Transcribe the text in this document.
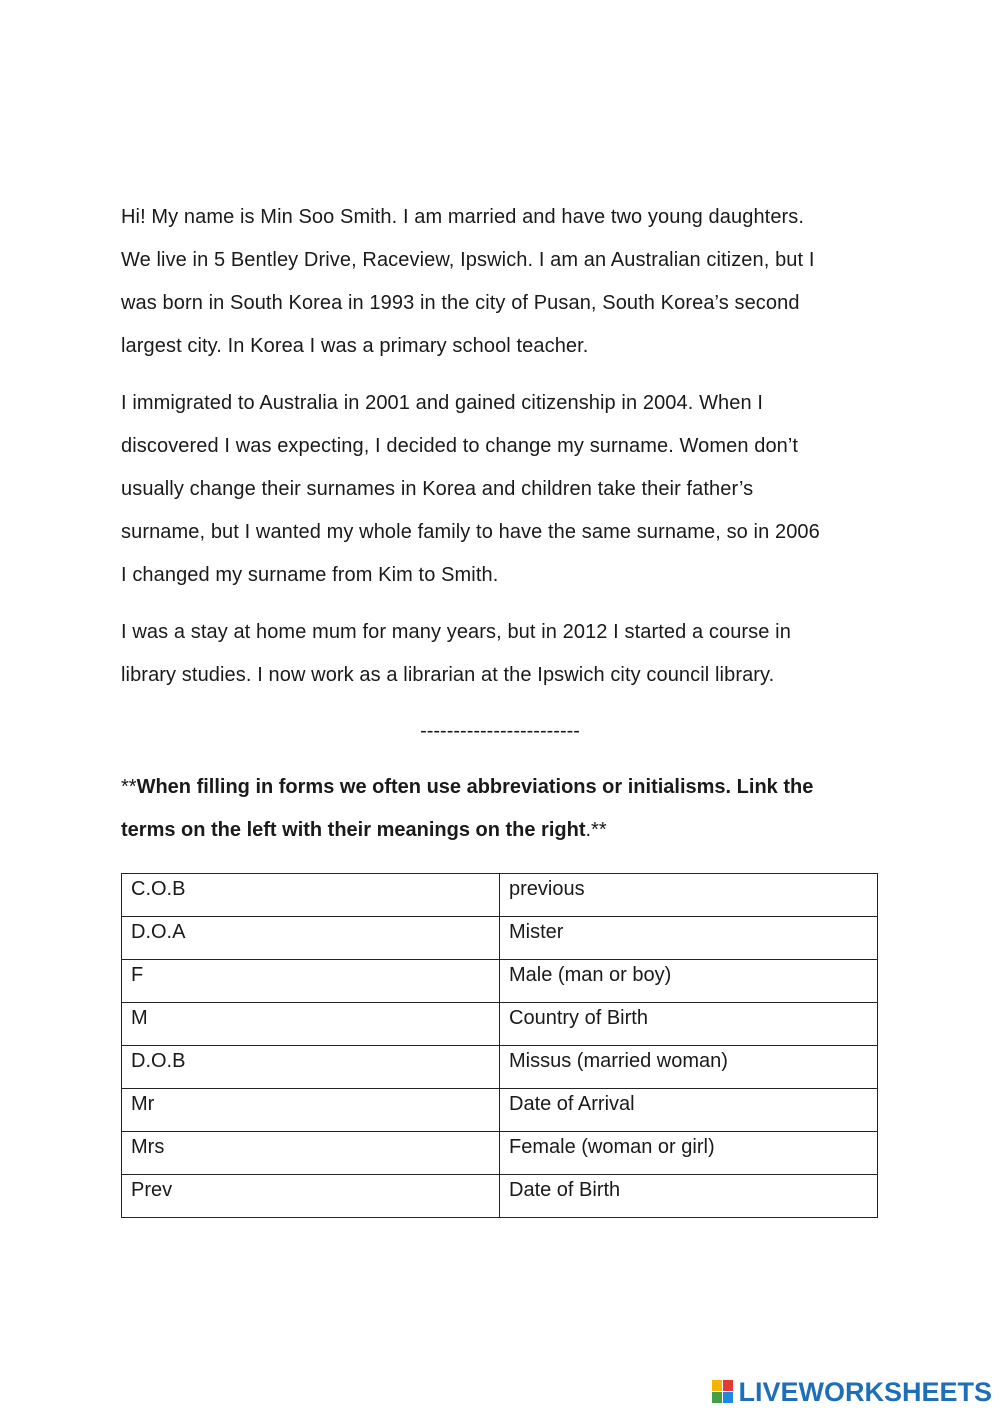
Hi! My name is Min Soo Smith. I am married and have two young daughters.
We live in 5 Bentley Drive, Raceview, Ipswich. I am an Australian citizen, but I
was born in South Korea in 1993 in the city of Pusan, South Korea’s second
largest city. In Korea I was a primary school teacher.
I immigrated to Australia in 2001 and gained citizenship in 2004. When I
discovered I was expecting, I decided to change my surname. Women don’t
usually change their surnames in Korea and children take their father’s
surname, but I wanted my whole family to have the same surname, so in 2006
I changed my surname from Kim to Smith.
I was a stay at home mum for many years, but in 2012 I started a course in
library studies. I now work as a librarian at the Ipswich city council library.
------------------------
**When filling in forms we often use abbreviations or initialisms. Link the
terms on the left with their meanings on the right.**
C.O.B	previous
D.O.A	Mister
F	Male (man or boy)
M	Country of Birth
D.O.B	Missus (married woman)
Mr	Date of Arrival
Mrs	Female (woman or girl)
Prev	Date of Birth
LIVEWORKSHEETS
